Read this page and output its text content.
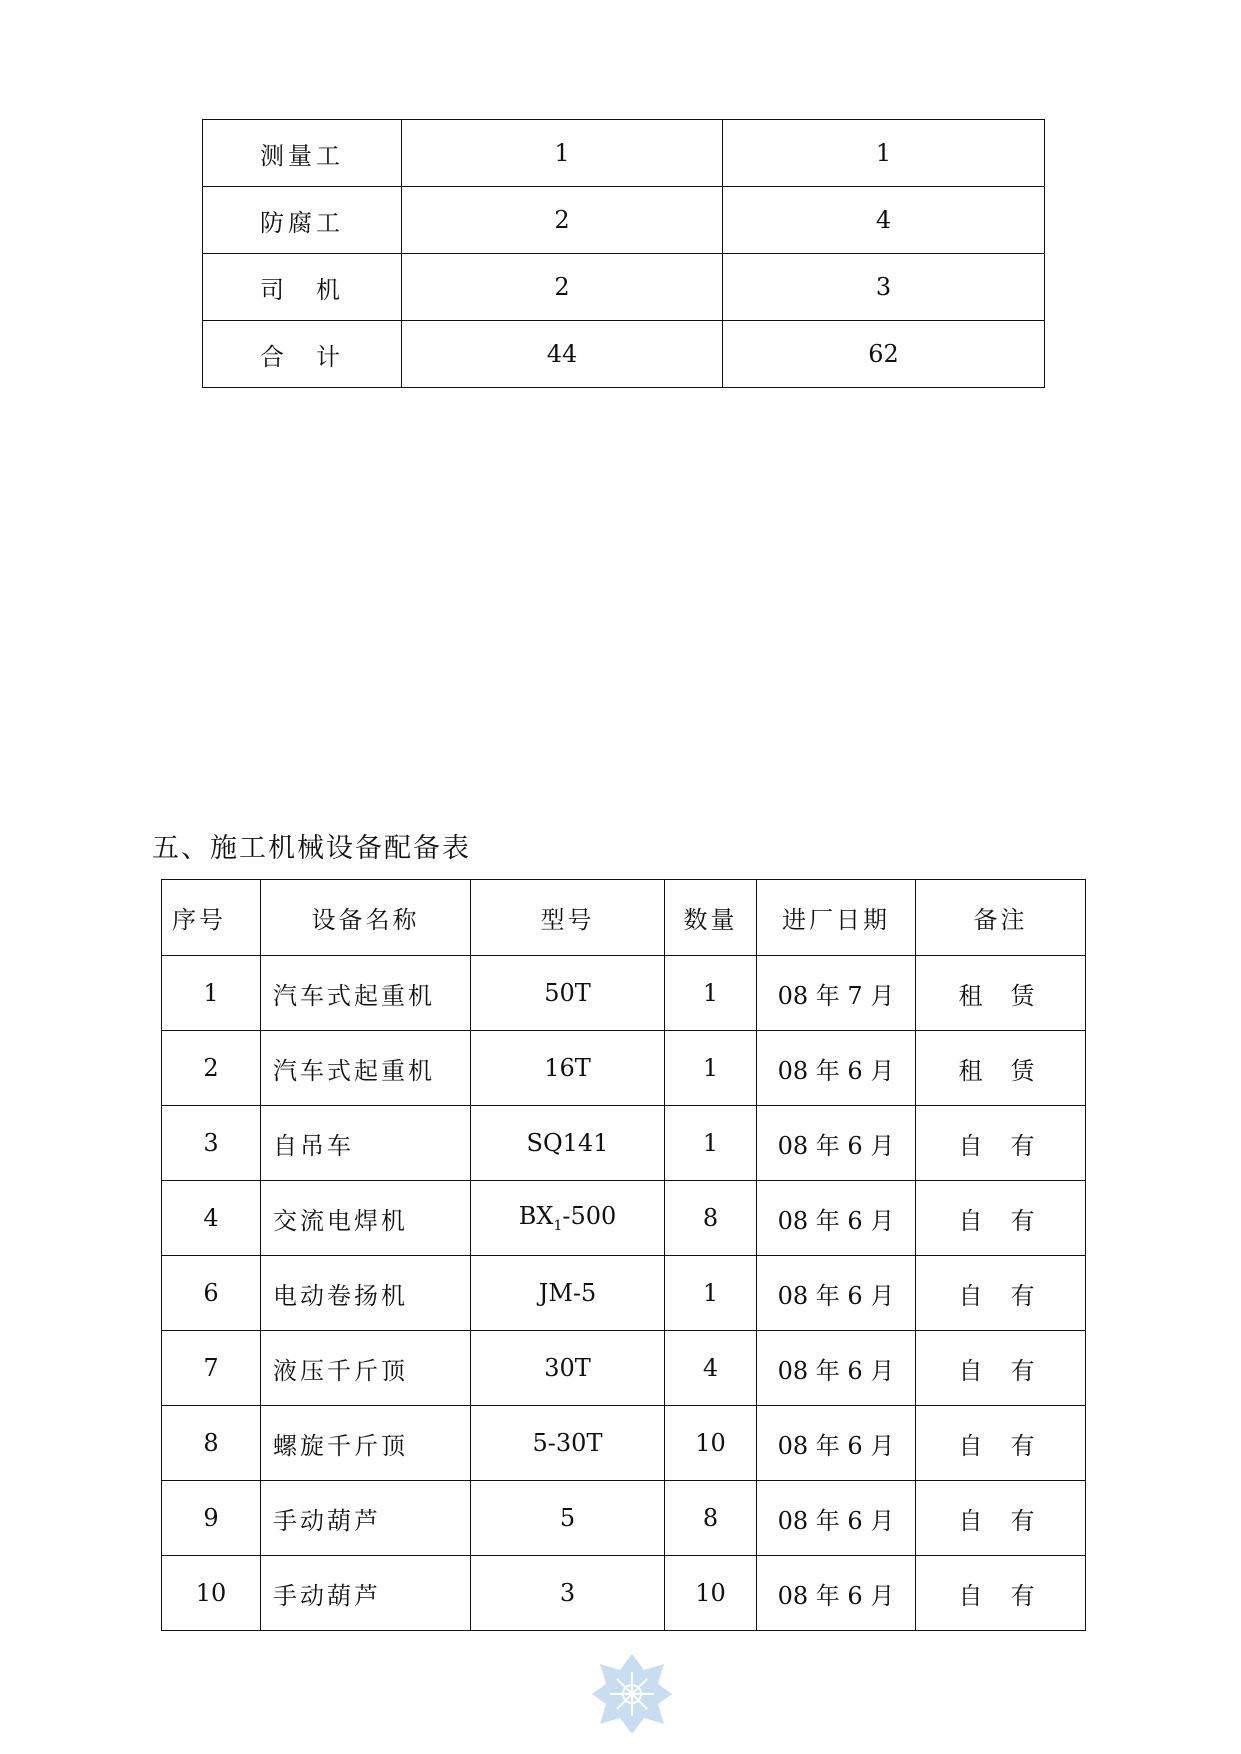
测量工	1	1
防腐工	2	4
司　机	2	3
合　计	44	62
五、施工机械设备配备表
序号	设备名称	型号	数量	进厂日期	备注
1	汽车式起重机	50T	1	08 年 7 月	租赁
2	汽车式起重机	16T	1	08 年 6 月	租赁
3	自吊车	SQ141	1	08 年 6 月	自有
4	交流电焊机	$BX_1-500$	8	08 年 6 月	自有
6	电动卷扬机	JM-5	1	08 年 6 月	自有
7	液压千斤顶	30T	4	08 年 6 月	自有
8	螺旋千斤顶	5-30T	10	08 年 6 月	自有
9	手动葫芦	5	8	08 年 6 月	自有
10	手动葫芦	3	10	08 年 6 月	自有
